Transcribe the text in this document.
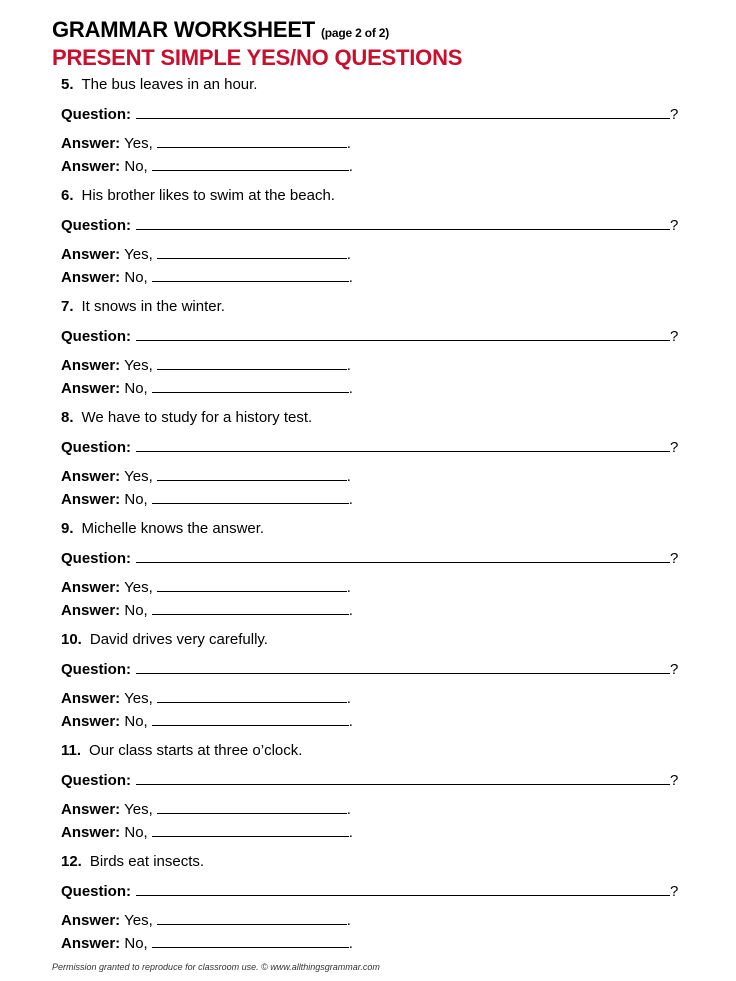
GRAMMAR WORKSHEET (page 2 of 2)
PRESENT SIMPLE YES/NO QUESTIONS
5. The bus leaves in an hour.
Question:	?
Answer: Yes,	.
Answer: No,	.
6. His brother likes to swim at the beach.
Question:	?
Answer: Yes,	.
Answer: No,	.
7. It snows in the winter.
Question:	?
Answer: Yes,	.
Answer: No,	.
8. We have to study for a history test.
Question:	?
Answer: Yes,	.
Answer: No,	.
9. Michelle knows the answer.
Question:	?
Answer: Yes,	.
Answer: No,	.
10. David drives very carefully.
Question:	?
Answer: Yes,	.
Answer: No,	.
11. Our class starts at three o’clock.
Question:	?
Answer: Yes,	.
Answer: No,	.
12. Birds eat insects.
Question:	?
Answer: Yes,	.
Answer: No,	.
Permission granted to reproduce for classroom use. © www.allthingsgrammar.com
